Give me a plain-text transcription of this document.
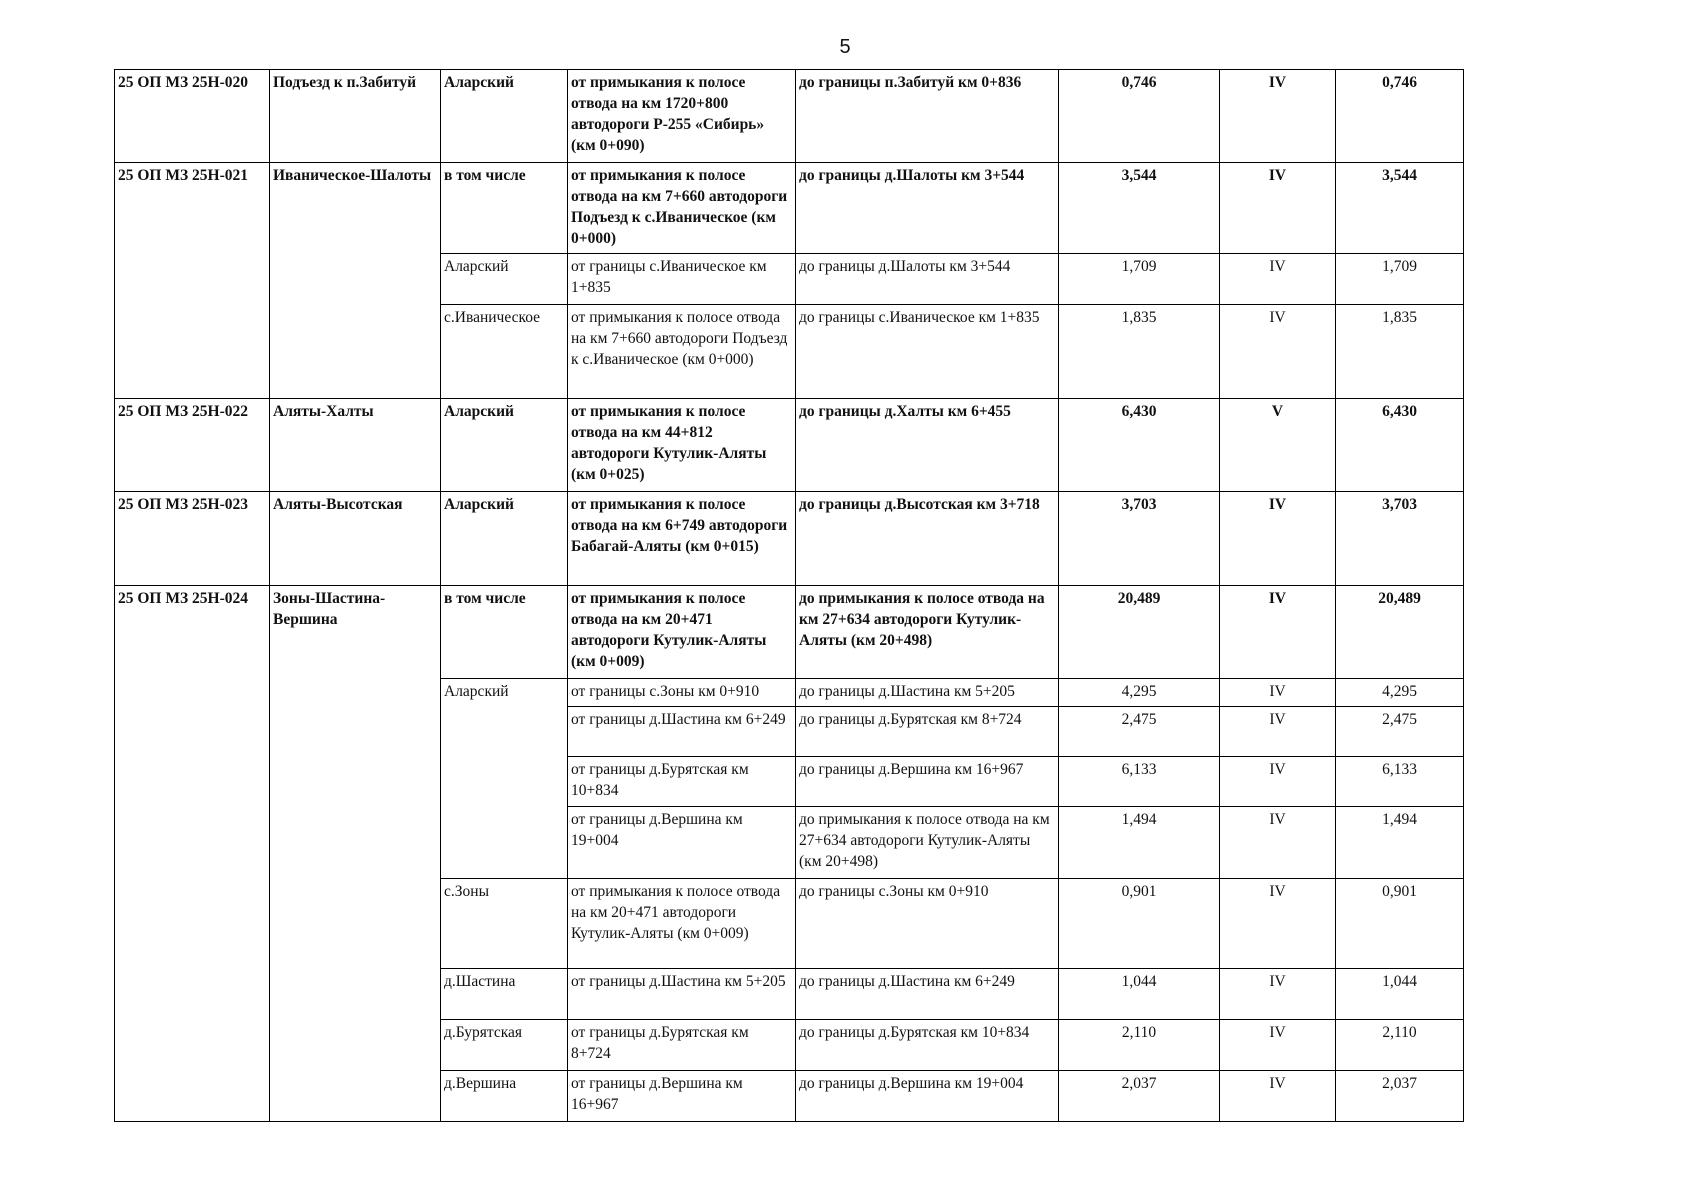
5
25 ОП МЗ 25Н-020	Подъезд к п.Забитуй	Аларский	от примыкания к полосе отвода на км 1720+800 автодороги Р-255 «Сибирь» (км 0+090)	до границы п.Забитуй км 0+836	0,746	IV	0,746
25 ОП МЗ 25Н-021	Иваническое-Шалоты	в том числе	от примыкания к полосе отвода на км 7+660 автодороги Подъезд к с.Иваническое (км 0+000)	до границы д.Шалоты км 3+544	3,544	IV	3,544
		Аларский	от границы с.Иваническое км 1+835	до границы д.Шалоты км 3+544	1,709	IV	1,709
		с.Иваническое	от примыкания к полосе отвода на км 7+660 автодороги Подъезд к с.Иваническое (км 0+000)	до границы с.Иваническое км 1+835	1,835	IV	1,835
25 ОП МЗ 25Н-022	Аляты-Халты	Аларский	от примыкания к полосе отвода на км 44+812 автодороги Кутулик-Аляты (км 0+025)	до границы д.Халты км 6+455	6,430	V	6,430
25 ОП МЗ 25Н-023	Аляты-Высотская	Аларский	от примыкания к полосе отвода на км 6+749 автодороги Бабагай-Аляты (км 0+015)	до границы д.Высотская км 3+718	3,703	IV	3,703
25 ОП МЗ 25Н-024	Зоны-Шастина-Вершина	в том числе	от примыкания к полосе отвода на км 20+471 автодороги Кутулик-Аляты (км 0+009)	до примыкания к полосе отвода на км 27+634 автодороги Кутулик-Аляты (км 20+498)	20,489	IV	20,489
		Аларский	от границы с.Зоны км 0+910	до границы д.Шастина км 5+205	4,295	IV	4,295
			от границы д.Шастина км 6+249	до границы д.Бурятская км 8+724	2,475	IV	2,475
			от границы д.Бурятская км 10+834	до границы д.Вершина км 16+967	6,133	IV	6,133
			от границы д.Вершина км 19+004	до примыкания к полосе отвода на км 27+634 автодороги Кутулик-Аляты (км 20+498)	1,494	IV	1,494
		с.Зоны	от примыкания к полосе отвода на км 20+471 автодороги Кутулик-Аляты (км 0+009)	до границы с.Зоны км 0+910	0,901	IV	0,901
		д.Шастина	от границы д.Шастина км 5+205	до границы д.Шастина км 6+249	1,044	IV	1,044
		д.Бурятская	от границы д.Бурятская км 8+724	до границы д.Бурятская км 10+834	2,110	IV	2,110
		д.Вершина	от границы д.Вершина км 16+967	до границы д.Вершина км 19+004	2,037	IV	2,037
